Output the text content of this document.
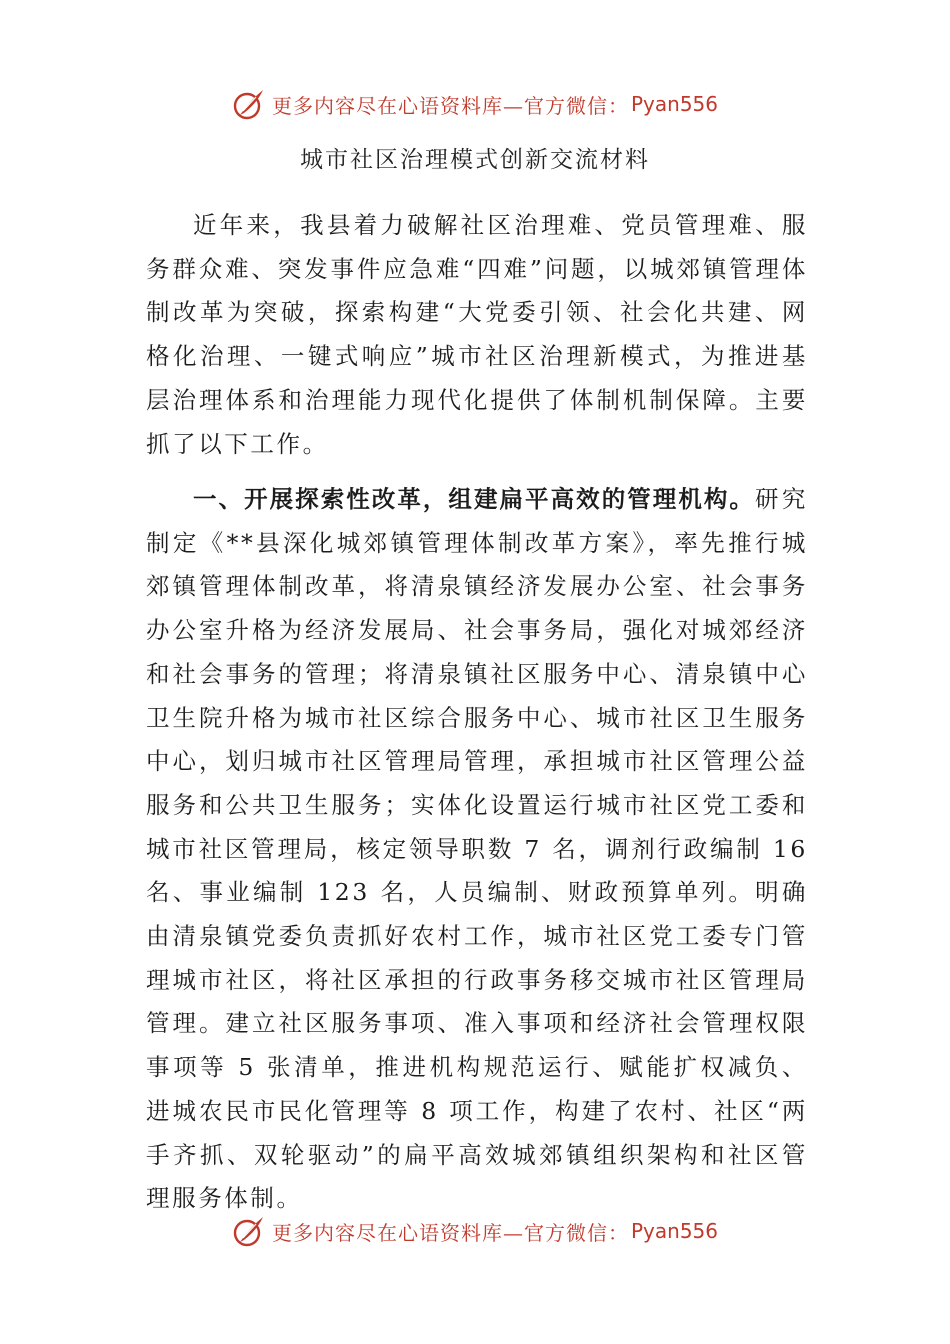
更多内容尽在心语资料库—官方微信： Pyan556
城市社区治理模式创新交流材料

近年来，我县着力破解社区治理难、党员管理难、服务群众难、突发事件应急难“四难”问题，以城郊镇管理体制改革为突破，探索构建“大党委引领、社会化共建、网格化治理、一键式响应”城市社区治理新模式，为推进基层治理体系和治理能力现代化提供了体制机制保障。主要抓了以下工作。

一、开展探索性改革，组建扁平高效的管理机构。研究制定《**县深化城郊镇管理体制改革方案》，率先推行城郊镇管理体制改革，将清泉镇经济发展办公室、社会事务办公室升格为经济发展局、社会事务局，强化对城郊经济和社会事务的管理；将清泉镇社区服务中心、清泉镇中心卫生院升格为城市社区综合服务中心、城市社区卫生服务中心，划归城市社区管理局管理，承担城市社区管理公益服务和公共卫生服务；实体化设置运行城市社区党工委和城市社区管理局，核定领导职数 7 名，调剂行政编制 16 名、事业编制 123 名，人员编制、财政预算单列。明确由清泉镇党委负责抓好农村工作，城市社区党工委专门管理城市社区，将社区承担的行政事务移交城市社区管理局管理。建立社区服务事项、准入事项和经济社会管理权限事项等 5 张清单，推进机构规范运行、赋能扩权减负、进城农民市民化管理等 8 项工作，构建了农村、社区“两手齐抓、双轮驱动”的扁平高效城郊镇组织架构和社区管理服务体制。

更多内容尽在心语资料库—官方微信： Pyan556
